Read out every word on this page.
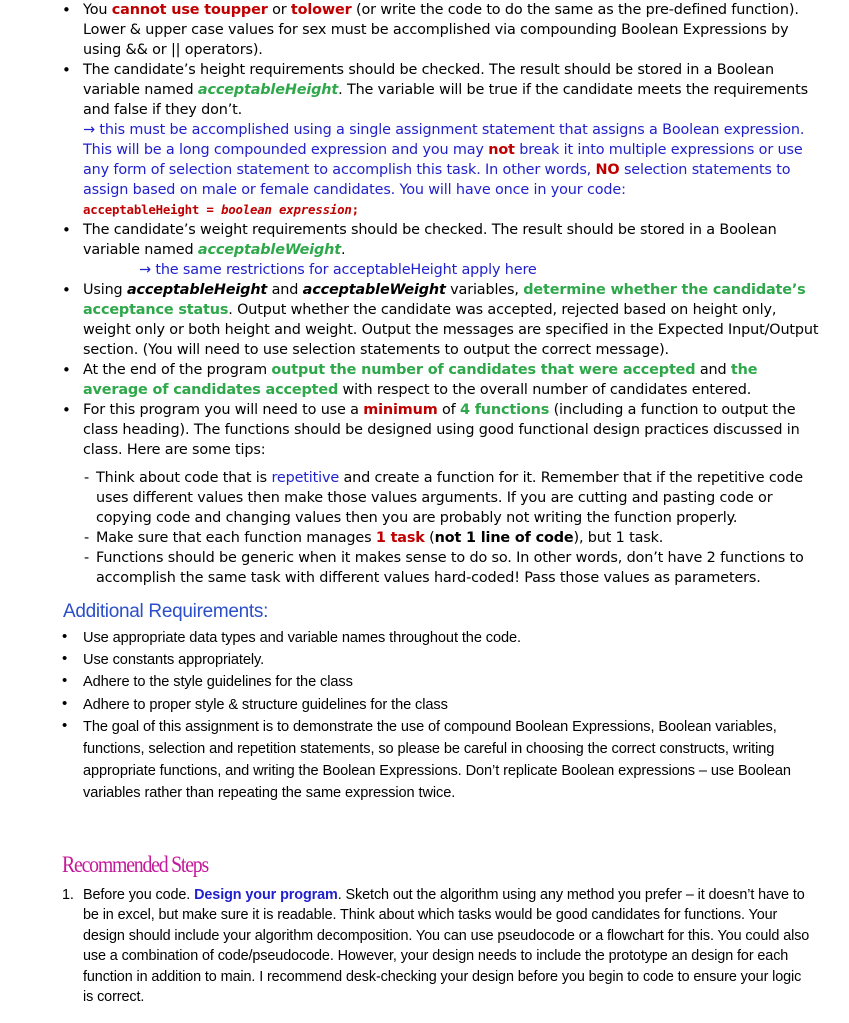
• You cannot use toupper or tolower (or write the code to do the same as the pre-defined function). Lower & upper case values for sex must be accomplished via compounding Boolean Expressions by using && or || operators).
• The candidate’s height requirements should be checked. The result should be stored in a Boolean variable named acceptableHeight. The variable will be true if the candidate meets the requirements and false if they don’t.
→ this must be accomplished using a single assignment statement that assigns a Boolean expression. This will be a long compounded expression and you may not break it into multiple expressions or use any form of selection statement to accomplish this task. In other words, NO selection statements to assign based on male or female candidates. You will have once in your code:
acceptableHeight = boolean expression;
• The candidate’s weight requirements should be checked. The result should be stored in a Boolean variable named acceptableWeight.
→ the same restrictions for acceptableHeight apply here
• Using acceptableHeight and acceptableWeight variables, determine whether the candidate’s acceptance status. Output whether the candidate was accepted, rejected based on height only, weight only or both height and weight. Output the messages are specified in the Expected Input/Output section. (You will need to use selection statements to output the correct message).
• At the end of the program output the number of candidates that were accepted and the average of candidates accepted with respect to the overall number of candidates entered.
• For this program you will need to use a minimum of 4 functions (including a function to output the class heading). The functions should be designed using good functional design practices discussed in class. Here are some tips:
- Think about code that is repetitive and create a function for it. Remember that if the repetitive code uses different values then make those values arguments. If you are cutting and pasting code or copying code and changing values then you are probably not writing the function properly.
- Make sure that each function manages 1 task (not 1 line of code), but 1 task.
- Functions should be generic when it makes sense to do so. In other words, don’t have 2 functions to accomplish the same task with different values hard-coded! Pass those values as parameters.
Additional Requirements:
• Use appropriate data types and variable names throughout the code.
• Use constants appropriately.
• Adhere to the style guidelines for the class
• Adhere to proper style & structure guidelines for the class
• The goal of this assignment is to demonstrate the use of compound Boolean Expressions, Boolean variables, functions, selection and repetition statements, so please be careful in choosing the correct constructs, writing appropriate functions, and writing the Boolean Expressions. Don’t replicate Boolean expressions – use Boolean variables rather than repeating the same expression twice.
Recommended Steps
1. Before you code. Design your program. Sketch out the algorithm using any method you prefer – it doesn’t have to be in excel, but make sure it is readable. Think about which tasks would be good candidates for functions. Your design should include your algorithm decomposition. You can use pseudocode or a flowchart for this. You could also use a combination of code/pseudocode. However, your design needs to include the prototype an design for each function in addition to main. I recommend desk-checking your design before you begin to code to ensure your logic is correct.
